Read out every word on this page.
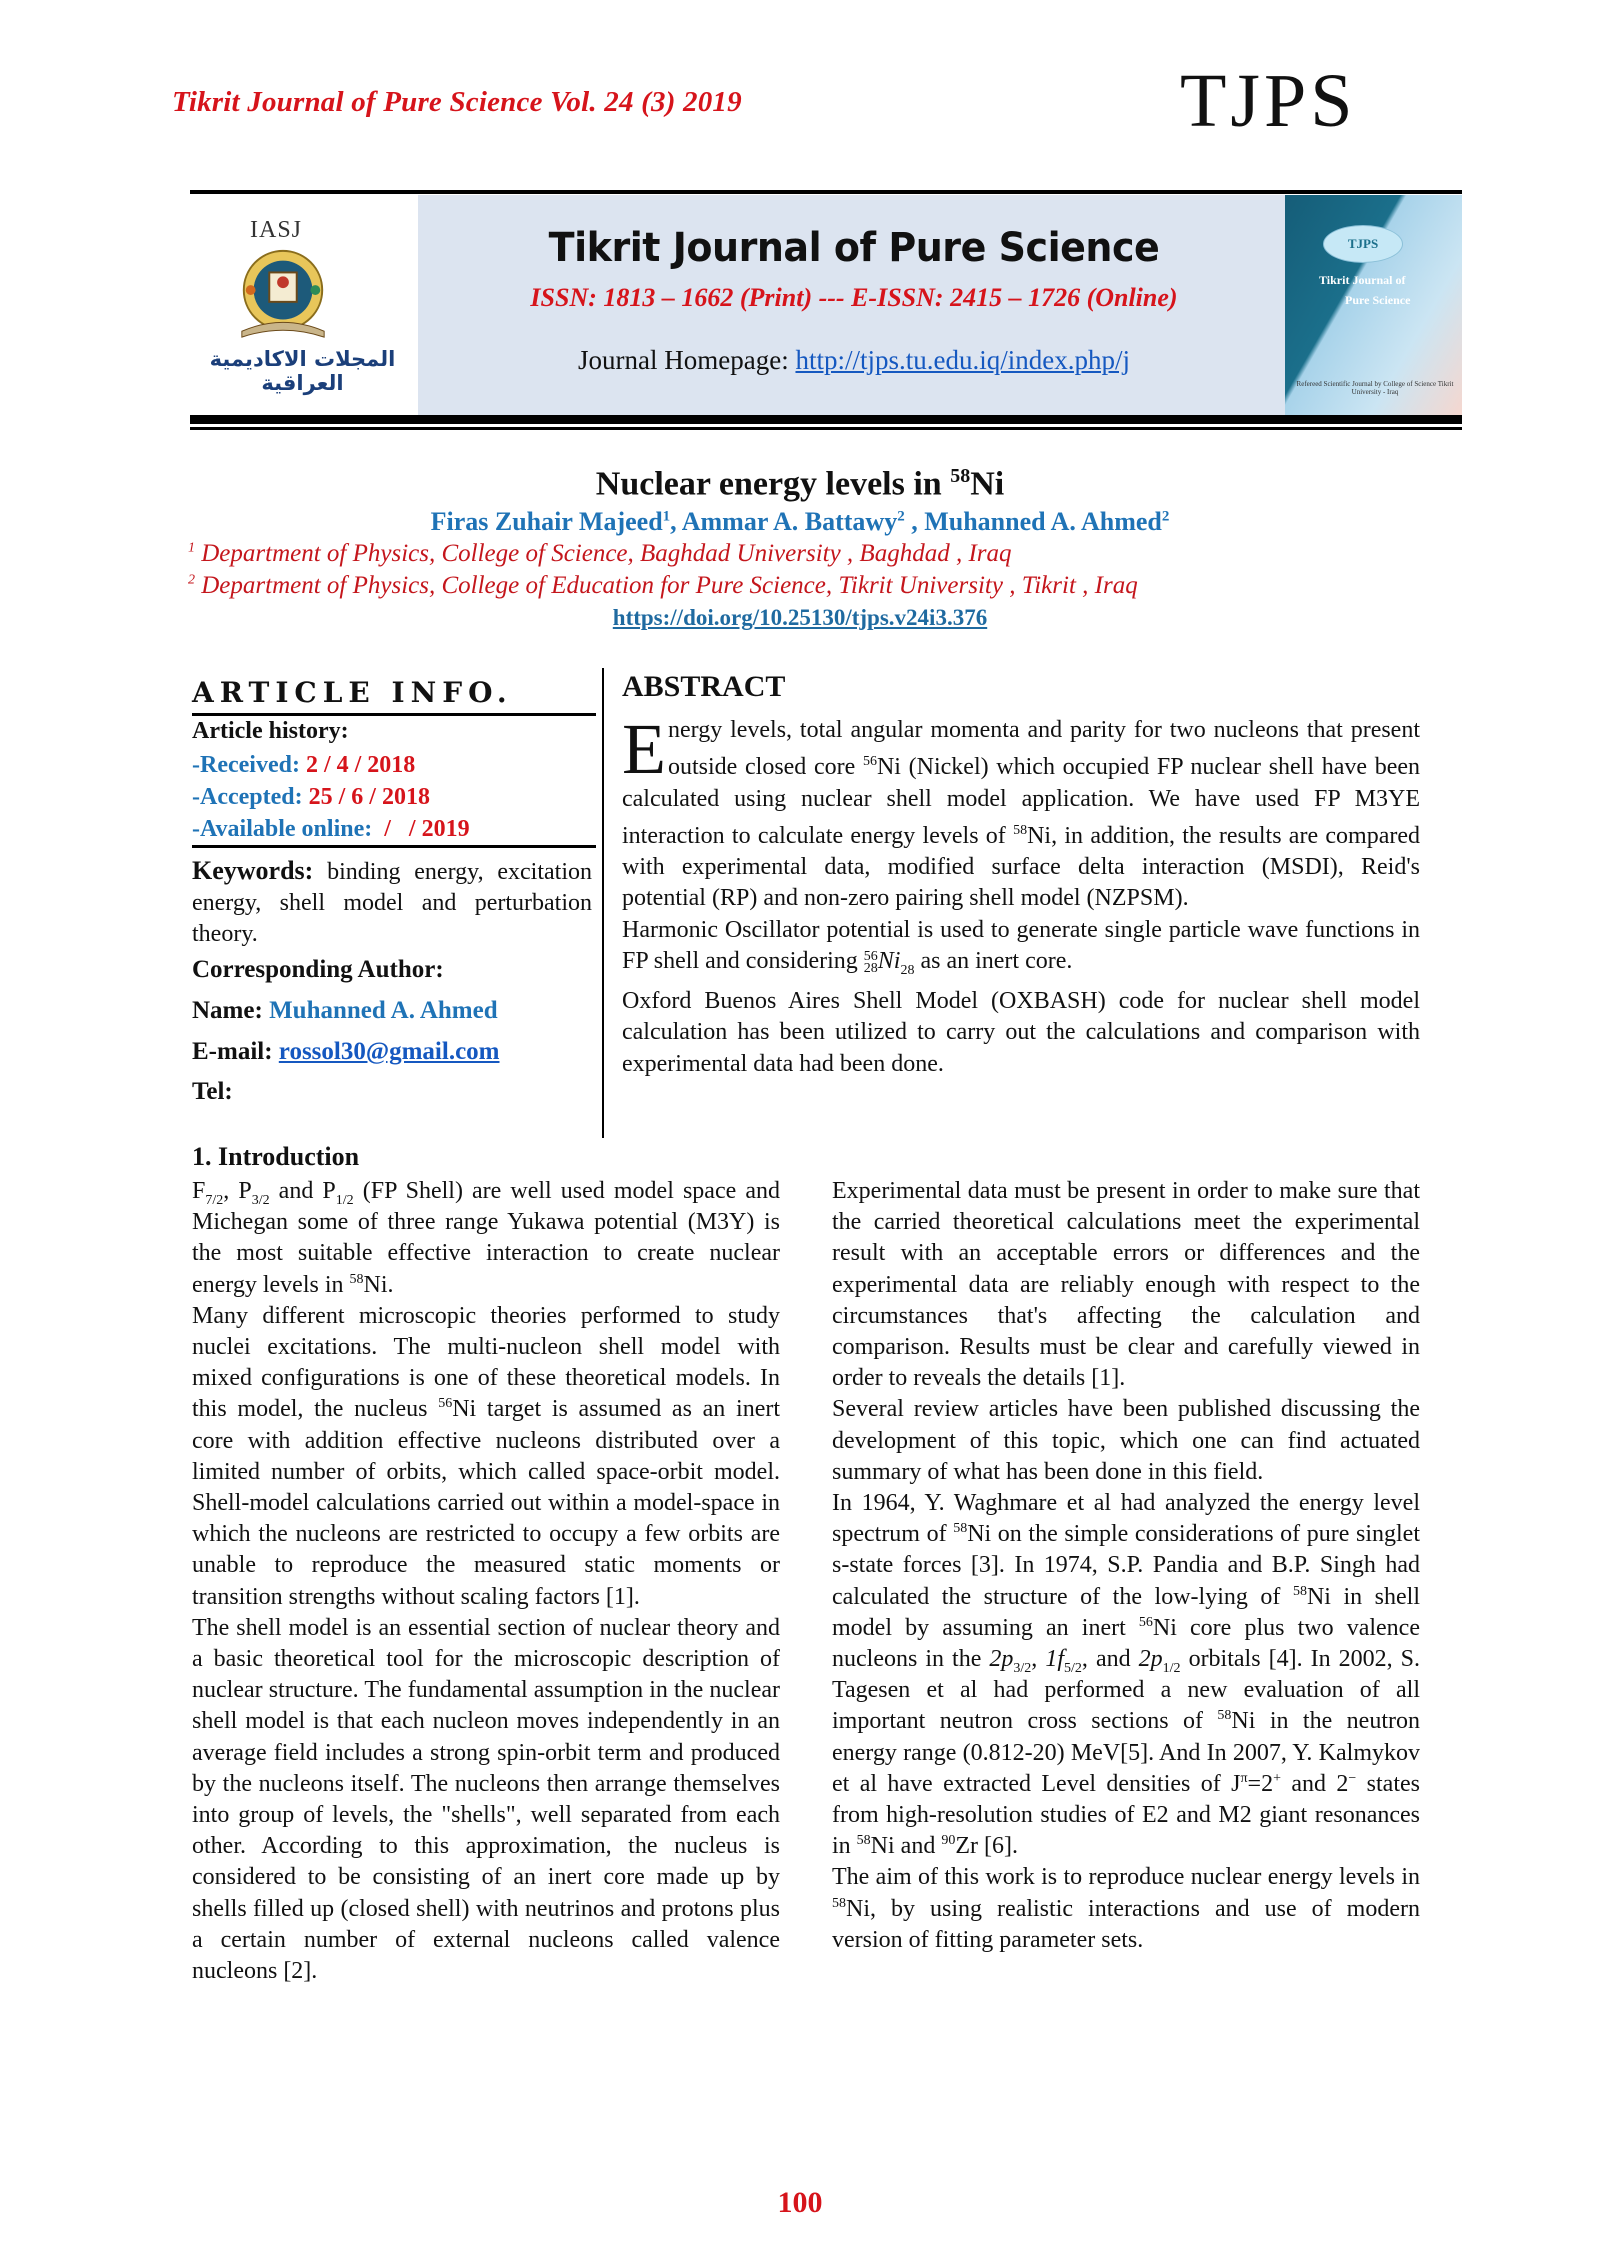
Tikrit Journal of Pure Science Vol. 24 (3) 2019	TJPS
IASJ
المجلات الاكاديمية العراقية
Tikrit Journal of Pure Science
ISSN: 1813 – 1662 (Print) --- E-ISSN: 2415 – 1726 (Online)
Journal Homepage: http://tjps.tu.edu.iq/index.php/j
TJPS
Tikrit Journal of
Pure Science
Refereed Scientific Journal by College of Science Tikrit University - Iraq
Nuclear energy levels in $^{58}$Ni
Firas Zuhair Majeed$^1$, Ammar A. Battawy$^2$ , Muhanned A. Ahmed$^2$
$^1$ Department of Physics, College of Science, Baghdad University , Baghdad , Iraq
$^2$ Department of Physics, College of Education for Pure Science, Tikrit University , Tikrit , Iraq
https://doi.org/10.25130/tjps.v24i3.376
ARTICLE INFO.
Article history:
-Received: 2 / 4 / 2018
-Accepted: 25 / 6 / 2018
-Available online:  /   / 2019
Keywords: binding energy, excitation energy, shell model and perturbation theory.
Corresponding Author:
Name: Muhanned A. Ahmed
E-mail: rossol30@gmail.com
Tel:
ABSTRACT

Energy levels, total angular momenta and parity for two nucleons that present outside closed core $^{56}$Ni (Nickel) which occupied FP nuclear shell have been calculated using nuclear shell model application. We have used FP M3YE interaction to calculate energy levels of $^{58}$Ni, in addition, the results are compared with experimental data, modified surface delta interaction (MSDI), Reid's potential (RP) and non-zero pairing shell model (NZPSM).

Harmonic Oscillator potential is used to generate single particle wave functions in FP shell and considering 56
28 $Ni_{28}$ as an inert core.

Oxford Buenos Aires Shell Model (OXBASH) code for nuclear shell model calculation has been utilized to carry out the calculations and comparison with experimental data had been done.

1. Introduction

$F_{7/2}$, $P_{3/2}$ and $P_{1/2}$ (FP Shell) are well used model space and Michegan some of three range Yukawa potential (M3Y) is the most suitable effective interaction to create nuclear energy levels in $^{58}$Ni.

Many different microscopic theories performed to study nuclei excitations. The multi-nucleon shell model with mixed configurations is one of these theoretical models. In this model, the nucleus $^{56}$Ni target is assumed as an inert core with addition effective nucleons distributed over a limited number of orbits, which called space-orbit model. Shell-model calculations carried out within a model-space in which the nucleons are restricted to occupy a few orbits are unable to reproduce the measured static moments or transition strengths without scaling factors [1].

The shell model is an essential section of nuclear theory and a basic theoretical tool for the microscopic description of nuclear structure. The fundamental assumption in the nuclear shell model is that each nucleon moves independently in an average field includes a strong spin-orbit term and produced by the nucleons itself. The nucleons then arrange themselves into group of levels, the "shells", well separated from each other. According to this approximation, the nucleus is considered to be consisting of an inert core made up by shells filled up (closed shell) with neutrinos and protons plus a certain number of external nucleons called valence nucleons [2].

Experimental data must be present in order to make sure that the carried theoretical calculations meet the experimental result with an acceptable errors or differences and the experimental data are reliably enough with respect to the circumstances that's affecting the calculation and comparison. Results must be clear and carefully viewed in order to reveals the details [1].

Several review articles have been published discussing the development of this topic, which one can find actuated summary of what has been done in this field.

In 1964, Y. Waghmare et al had analyzed the energy level spectrum of $^{58}$Ni on the simple considerations of pure singlet s-state forces [3]. In 1974, S.P. Pandia and B.P. Singh had calculated the structure of the low-lying of $^{58}$Ni in shell model by assuming an inert $^{56}$Ni core plus two valence nucleons in the $2p_{3/2}$, $1f_{5/2}$, and $2p_{1/2}$ orbitals [4]. In 2002, S. Tagesen et al had performed a new evaluation of all important neutron cross sections of $^{58}$Ni in the neutron energy range (0.812-20) MeV[5]. And In 2007, Y. Kalmykov et al have extracted Level densities of $J^\pi=2^+$ and 2− states from high-resolution studies of E2 and M2 giant resonances in $^{58}$Ni and $^{90}$Zr [6].

The aim of this work is to reproduce nuclear energy levels in $^{58}$Ni, by using realistic interactions and use of modern version of fitting parameter sets.

100
